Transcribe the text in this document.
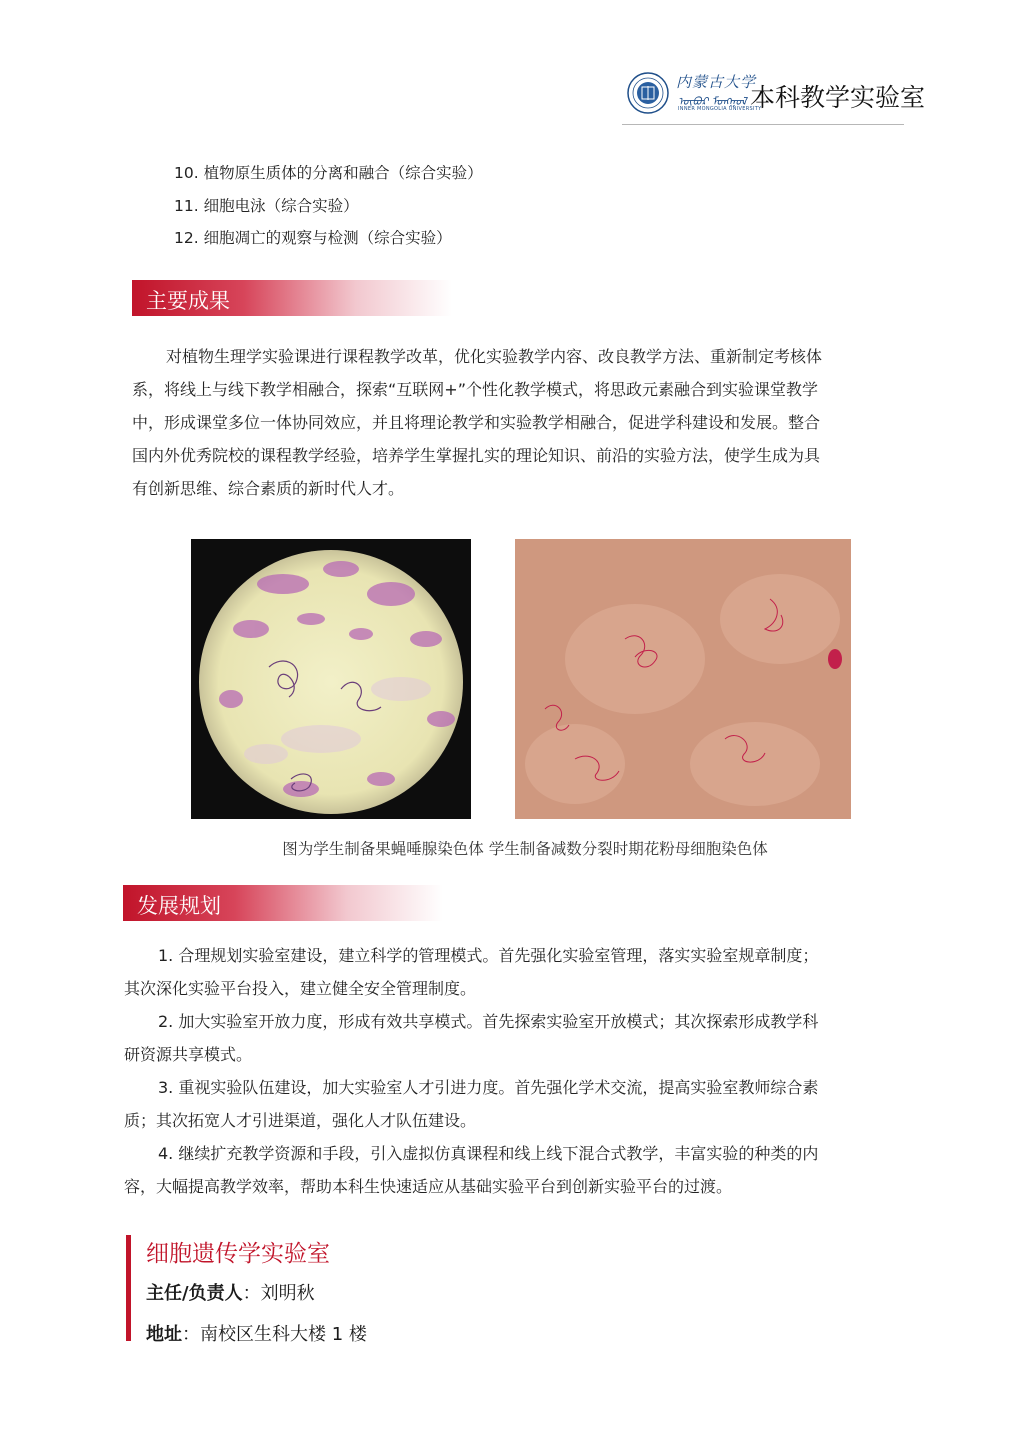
内蒙古大学
ᠦᠪᠦᠷ ᠮᠣᠩᠭᠣᠯ
INNER MONGOLIA UNIVERSITY
本科教学实验室
10. 植物原生质体的分离和融合（综合实验）
11. 细胞电泳（综合实验）
12. 细胞凋亡的观察与检测（综合实验）
主要成果
对植物生理学实验课进行课程教学改革，优化实验教学内容、改良教学方法、重新制定考核体
系，将线上与线下教学相融合，探索“互联网+”个性化教学模式，将思政元素融合到实验课堂教学
中，形成课堂多位一体协同效应，并且将理论教学和实验教学相融合，促进学科建设和发展。整合
国内外优秀院校的课程教学经验，培养学生掌握扎实的理论知识、前沿的实验方法，使学生成为具
有创新思维、综合素质的新时代人才。
图为学生制备果蝇唾腺染色体 学生制备减数分裂时期花粉母细胞染色体
发展规划
1. 合理规划实验室建设，建立科学的管理模式。首先强化实验室管理，落实实验室规章制度；
其次深化实验平台投入，建立健全安全管理制度。
2. 加大实验室开放力度，形成有效共享模式。首先探索实验室开放模式；其次探索形成教学科
研资源共享模式。
3. 重视实验队伍建设，加大实验室人才引进力度。首先强化学术交流，提高实验室教师综合素
质；其次拓宽人才引进渠道，强化人才队伍建设。
4. 继续扩充教学资源和手段，引入虚拟仿真课程和线上线下混合式教学，丰富实验的种类的内
容，大幅提高教学效率，帮助本科生快速适应从基础实验平台到创新实验平台的过渡。
细胞遗传学实验室
主任/负责人：刘明秋
地址：南校区生科大楼 1 楼
